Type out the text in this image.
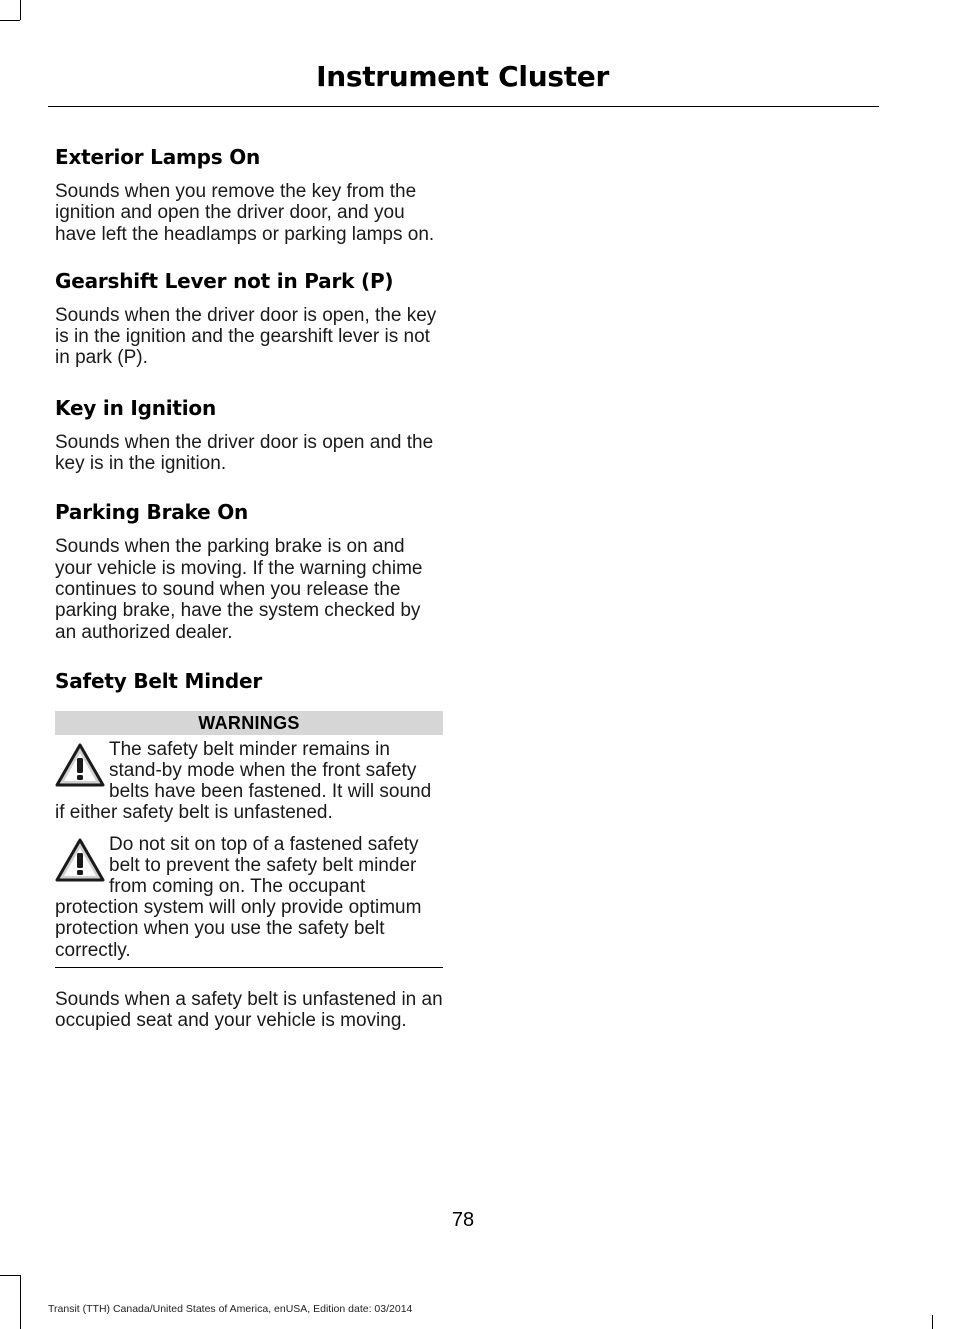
Instrument Cluster
Exterior Lamps On

Sounds when you remove the key from the ignition and open the driver door, and you have left the headlamps or parking lamps on.

Gearshift Lever not in Park (P)

Sounds when the driver door is open, the key is in the ignition and the gearshift lever is not in park (P).

Key in Ignition

Sounds when the driver door is open and the key is in the ignition.

Parking Brake On

Sounds when the parking brake is on and your vehicle is moving. If the warning chime continues to sound when you release the parking brake, have the system checked by an authorized dealer.

Safety Belt Minder
WARNINGS
The safety belt minder remains in stand-by mode when the front safety belts have been fastened. It will sound if either safety belt is unfastened.
Do not sit on top of a fastened safety belt to prevent the safety belt minder from coming on. The occupant protection system will only provide optimum protection when you use the safety belt correctly.

Sounds when a safety belt is unfastened in an occupied seat and your vehicle is moving.

78
Transit (TTH) Canada/United States of America, enUSA, Edition date: 03/2014
